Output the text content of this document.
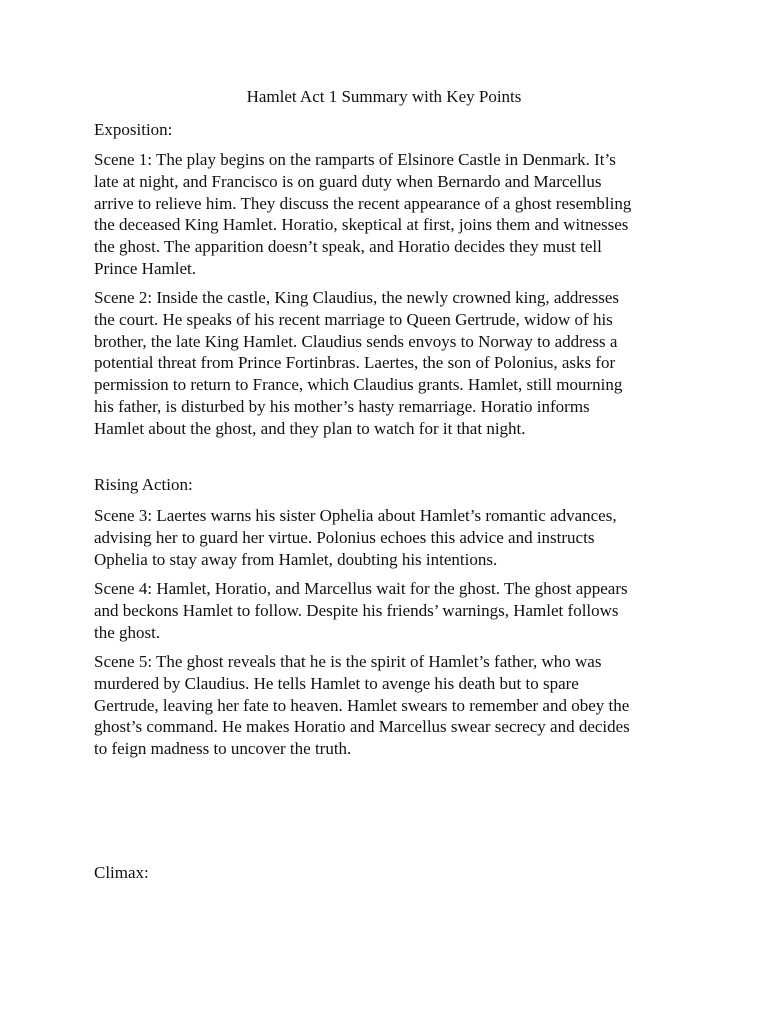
Hamlet Act 1 Summary with Key Points
Exposition:
Scene 1: The play begins on the ramparts of Elsinore Castle in Denmark. It’s
late at night, and Francisco is on guard duty when Bernardo and Marcellus
arrive to relieve him. They discuss the recent appearance of a ghost resembling
the deceased King Hamlet. Horatio, skeptical at first, joins them and witnesses
the ghost. The apparition doesn’t speak, and Horatio decides they must tell
Prince Hamlet.
Scene 2: Inside the castle, King Claudius, the newly crowned king, addresses
the court. He speaks of his recent marriage to Queen Gertrude, widow of his
brother, the late King Hamlet. Claudius sends envoys to Norway to address a
potential threat from Prince Fortinbras. Laertes, the son of Polonius, asks for
permission to return to France, which Claudius grants. Hamlet, still mourning
his father, is disturbed by his mother’s hasty remarriage. Horatio informs
Hamlet about the ghost, and they plan to watch for it that night.
Rising Action:
Scene 3: Laertes warns his sister Ophelia about Hamlet’s romantic advances,
advising her to guard her virtue. Polonius echoes this advice and instructs
Ophelia to stay away from Hamlet, doubting his intentions.
Scene 4: Hamlet, Horatio, and Marcellus wait for the ghost. The ghost appears
and beckons Hamlet to follow. Despite his friends’ warnings, Hamlet follows
the ghost.
Scene 5: The ghost reveals that he is the spirit of Hamlet’s father, who was
murdered by Claudius. He tells Hamlet to avenge his death but to spare
Gertrude, leaving her fate to heaven. Hamlet swears to remember and obey the
ghost’s command. He makes Horatio and Marcellus swear secrecy and decides
to feign madness to uncover the truth.
Climax:
